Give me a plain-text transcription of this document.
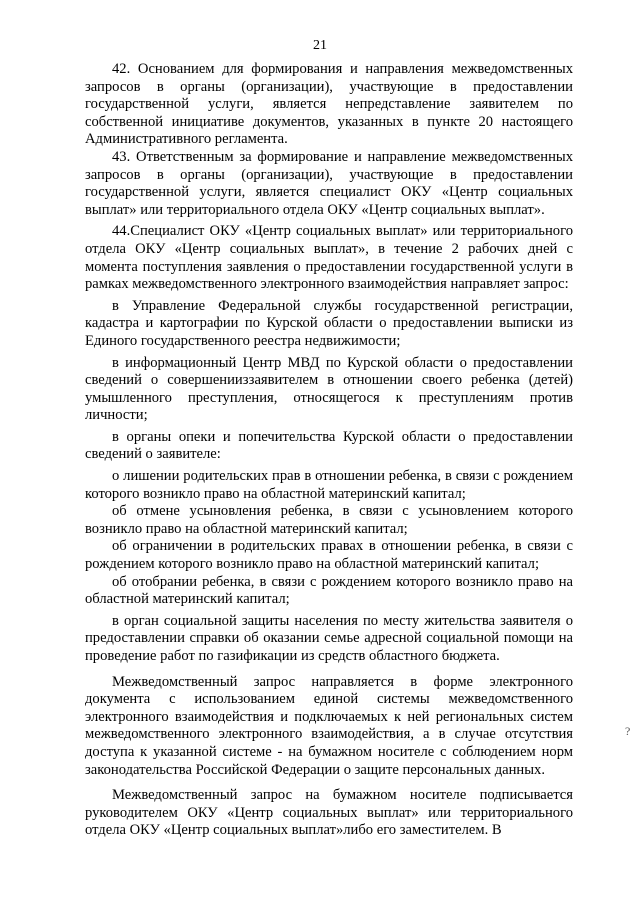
21

42. Основанием для формирования и направления межведомственных запросов в органы (организации), участвующие в предоставлении государственной услуги, является непредставление заявителем по собственной инициативе документов, указанных в пункте 20 настоящего Административного регламента.

43. Ответственным за формирование и направление межведомственных запросов в органы (организации), участвующие в предоставлении государственной услуги, является специалист ОКУ «Центр социальных выплат» или территориального отдела ОКУ «Центр социальных выплат».

44.Специалист ОКУ «Центр социальных выплат» или территориального отдела ОКУ «Центр социальных выплат», в течение 2 рабочих дней с момента поступления заявления о предоставлении государственной услуги в рамках межведомственного электронного взаимодействия направляет запрос:

в Управление Федеральной службы государственной регистрации, кадастра и картографии по Курской области о предоставлении выписки из Единого государственного реестра недвижимости;

в информационный Центр МВД по Курской области о предоставлении сведений о совершенииззаявителем в отношении своего ребенка (детей) умышленного преступления, относящегося к преступлениям против личности;

в органы опеки и попечительства Курской области о предоставлении сведений о заявителе:

о лишении родительских прав в отношении ребенка, в связи с рождением которого возникло право на областной материнский капитал;

об отмене усыновления ребенка, в связи с усыновлением которого возникло право на областной материнский капитал;

об ограничении в родительских правах в отношении ребенка, в связи с рождением которого возникло право на областной материнский капитал;

об отобрании ребенка, в связи с рождением которого возникло право на областной материнский капитал;

в орган социальной защиты населения по месту жительства заявителя о предоставлении справки об оказании семье адресной социальной помощи на проведение работ по газификации из средств областного бюджета.

Межведомственный запрос направляется в форме электронного документа с использованием единой системы межведомственного электронного взаимодействия и подключаемых к ней региональных систем межведомственного электронного взаимодействия, а в случае отсутствия доступа к указанной системе - на бумажном носителе с соблюдением норм законодательства Российской Федерации о защите персональных данных.

Межведомственный запрос на бумажном носителе подписывается руководителем ОКУ «Центр социальных выплат» или территориального отдела ОКУ «Центр социальных выплат»либо его заместителем. В

?
